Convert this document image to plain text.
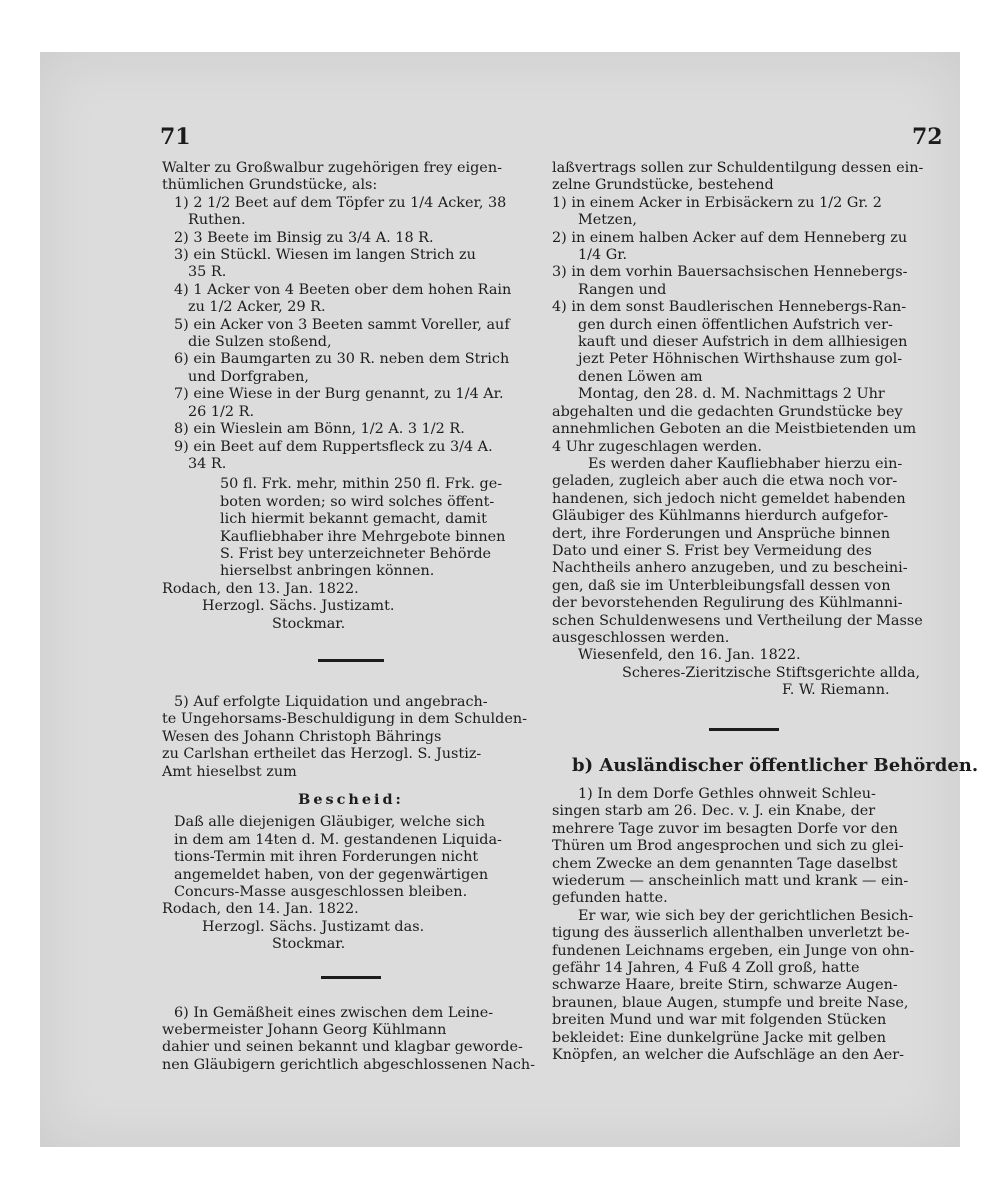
71	72
Walter zu Großwalbur zugehörigen frey eigen-
thümlichen Grundstücke, als:
1) 2 1/2 Beet auf dem Töpfer zu 1/4 Acker, 38
Ruthen.
2) 3 Beete im Binsig zu 3/4 A. 18 R.
3) ein Stückl. Wiesen im langen Strich zu
35 R.
4) 1 Acker von 4 Beeten ober dem hohen Rain
zu 1/2 Acker, 29 R.
5) ein Acker von 3 Beeten sammt Voreller, auf
die Sulzen stoßend,
6) ein Baumgarten zu 30 R. neben dem Strich
und Dorfgraben,
7) eine Wiese in der Burg genannt, zu 1/4 Ar.
26 1/2 R.
8) ein Wieslein am Bönn, 1/2 A. 3 1/2 R.
9) ein Beet auf dem Ruppertsfleck zu 3/4 A.
34 R.
50 fl. Frk. mehr, mithin 250 fl. Frk. ge-
boten worden; so wird solches öffent-
lich hiermit bekannt gemacht, damit
Kaufliebhaber ihre Mehrgebote binnen
S. Frist bey unterzeichneter Behörde
hierselbst anbringen können.
Rodach, den 13. Jan. 1822.
Herzogl. Sächs. Justizamt.
Stockmar.
5) Auf erfolgte Liquidation und angebrach-
te Ungehorsams-Beschuldigung in dem Schulden-
Wesen des Johann Christoph Bährings
zu Carlshan ertheilet das Herzogl. S. Justiz-
Amt hieselbst zum
Bescheid:
Daß alle diejenigen Gläubiger, welche sich
in dem am 14ten d. M. gestandenen Liquida-
tions-Termin mit ihren Forderungen nicht
angemeldet haben, von der gegenwärtigen
Concurs-Masse ausgeschlossen bleiben.
Rodach, den 14. Jan. 1822.
Herzogl. Sächs. Justizamt das.
Stockmar.
6) In Gemäßheit eines zwischen dem Leine-
webermeister Johann Georg Kühlmann
dahier und seinen bekannt und klagbar geworde-
nen Gläubigern gerichtlich abgeschlossenen Nach-
laßvertrags sollen zur Schuldentilgung dessen ein-
zelne Grundstücke, bestehend
1) in einem Acker in Erbisäckern zu 1/2 Gr. 2
Metzen,
2) in einem halben Acker auf dem Henneberg zu
1/4 Gr.
3) in dem vorhin Bauersachsischen Hennebergs-
Rangen und
4) in dem sonst Baudlerischen Hennebergs-Ran-
gen durch einen öffentlichen Aufstrich ver-
kauft und dieser Aufstrich in dem allhiesigen
jezt Peter Höhnischen Wirthshause zum gol-
denen Löwen am
Montag, den 28. d. M. Nachmittags 2 Uhr
abgehalten und die gedachten Grundstücke bey
annehmlichen Geboten an die Meistbietenden um
4 Uhr zugeschlagen werden.
Es werden daher Kaufliebhaber hierzu ein-
geladen, zugleich aber auch die etwa noch vor-
handenen, sich jedoch nicht gemeldet habenden
Gläubiger des Kühlmanns hierdurch aufgefor-
dert, ihre Forderungen und Ansprüche binnen
Dato und einer S. Frist bey Vermeidung des
Nachtheils anhero anzugeben, und zu bescheini-
gen, daß sie im Unterbleibungsfall dessen von
der bevorstehenden Regulirung des Kühlmanni-
schen Schuldenwesens und Vertheilung der Masse
ausgeschlossen werden.
Wiesenfeld, den 16. Jan. 1822.
Scheres-Zieritzische Stiftsgerichte allda,
F. W. Riemann.
b) Ausländischer öffentlicher Behörden.
1) In dem Dorfe Gethles ohnweit Schleu-
singen starb am 26. Dec. v. J. ein Knabe, der
mehrere Tage zuvor im besagten Dorfe vor den
Thüren um Brod angesprochen und sich zu glei-
chem Zwecke an dem genannten Tage daselbst
wiederum — anscheinlich matt und krank — ein-
gefunden hatte.
Er war, wie sich bey der gerichtlichen Besich-
tigung des äusserlich allenthalben unverletzt be-
fundenen Leichnams ergeben, ein Junge von ohn-
gefähr 14 Jahren, 4 Fuß 4 Zoll groß, hatte
schwarze Haare, breite Stirn, schwarze Augen-
braunen, blaue Augen, stumpfe und breite Nase,
breiten Mund und war mit folgenden Stücken
bekleidet: Eine dunkelgrüne Jacke mit gelben
Knöpfen, an welcher die Aufschläge an den Aer-
